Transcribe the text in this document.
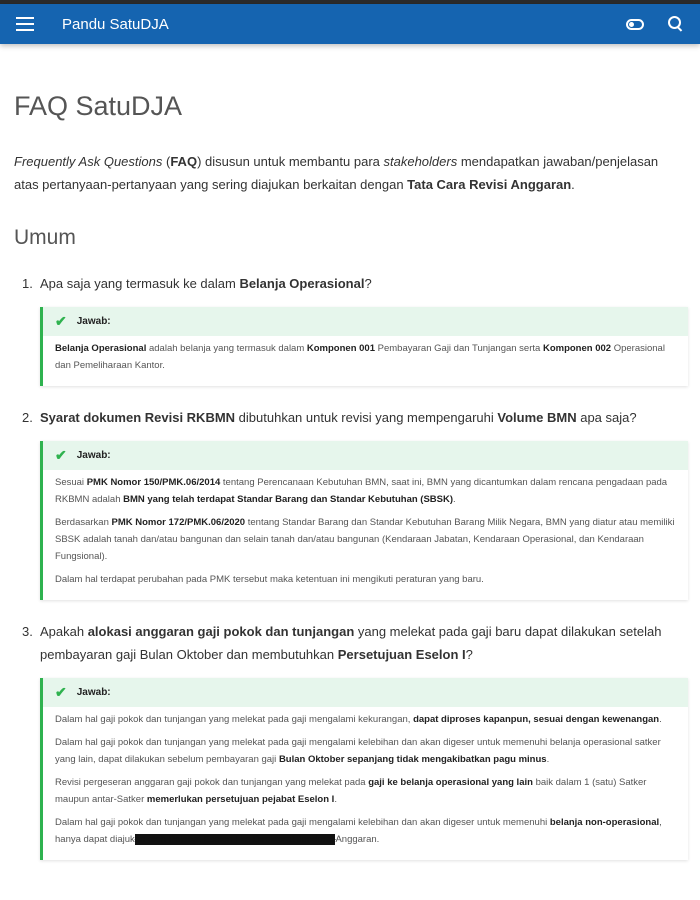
Pandu SatuDJA
FAQ SatuDJA

Frequently Ask Questions (FAQ) disusun untuk membantu para stakeholders mendapatkan jawaban/penjelasan atas pertanyaan-pertanyaan yang sering diajukan berkaitan dengan Tata Cara Revisi Anggaran.

Umum
1. Apa saja yang termasuk ke dalam Belanja Operasional?
✔ Jawab:

Belanja Operasional adalah belanja yang termasuk dalam Komponen 001 Pembayaran Gaji dan Tunjangan serta Komponen 002 Operasional dan Pemeliharaan Kantor.

2. Syarat dokumen Revisi RKBMN dibutuhkan untuk revisi yang mempengaruhi Volume BMN apa saja?
✔ Jawab:

Sesuai PMK Nomor 150/PMK.06/2014 tentang Perencanaan Kebutuhan BMN, saat ini, BMN yang dicantumkan dalam rencana pengadaan pada RKBMN adalah BMN yang telah terdapat Standar Barang dan Standar Kebutuhan (SBSK).

Berdasarkan PMK Nomor 172/PMK.06/2020 tentang Standar Barang dan Standar Kebutuhan Barang Milik Negara, BMN yang diatur atau memiliki SBSK adalah tanah dan/atau bangunan dan selain tanah dan/atau bangunan (Kendaraan Jabatan, Kendaraan Operasional, dan Kendaraan Fungsional).

Dalam hal terdapat perubahan pada PMK tersebut maka ketentuan ini mengikuti peraturan yang baru.

3. Apakah alokasi anggaran gaji pokok dan tunjangan yang melekat pada gaji baru dapat dilakukan setelah pembayaran gaji Bulan Oktober dan membutuhkan Persetujuan Eselon I?
✔ Jawab:

Dalam hal gaji pokok dan tunjangan yang melekat pada gaji mengalami kekurangan, dapat diproses kapanpun, sesuai dengan kewenangan.

Dalam hal gaji pokok dan tunjangan yang melekat pada gaji mengalami kelebihan dan akan digeser untuk memenuhi belanja operasional satker yang lain, dapat dilakukan sebelum pembayaran gaji Bulan Oktober sepanjang tidak mengakibatkan pagu minus.

Revisi pergeseran anggaran gaji pokok dan tunjangan yang melekat pada gaji ke belanja operasional yang lain baik dalam 1 (satu) Satker maupun antar-Satker memerlukan persetujuan pejabat Eselon I.

Dalam hal gaji pokok dan tunjangan yang melekat pada gaji mengalami kelebihan dan akan digeser untuk memenuhi belanja non-operasional, hanya dapat diajukan oleh Pejabat Eselon I ke Direktorat Jenderal Anggaran.
